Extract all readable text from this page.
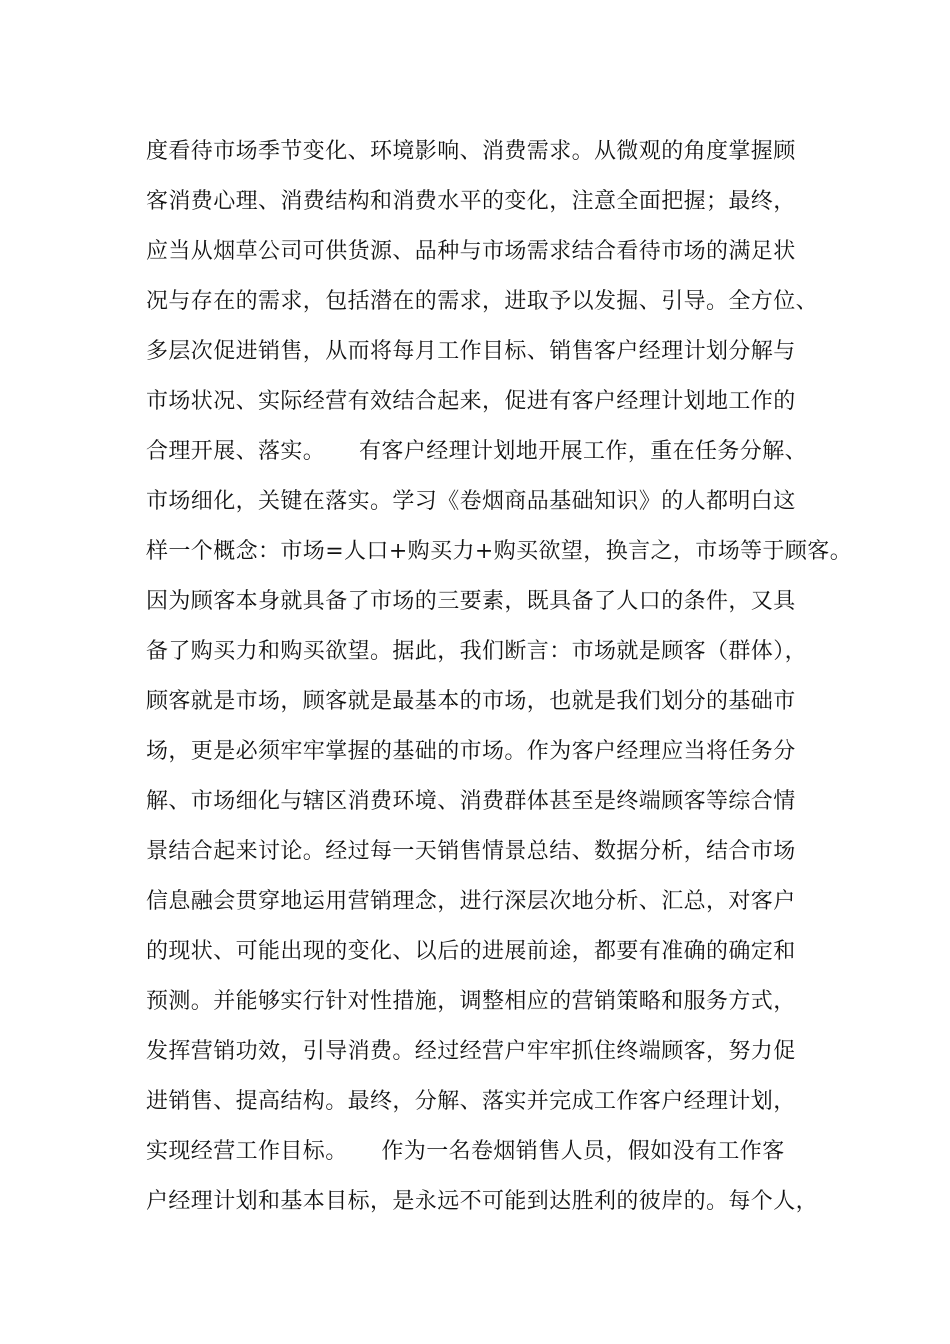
度看待市场季节变化、环境影响、消费需求。从微观的角度掌握顾
客消费心理、消费结构和消费水平的变化，注意全面把握；最终，
应当从烟草公司可供货源、品种与市场需求结合看待市场的满足状
况与存在的需求，包括潜在的需求，进取予以发掘、引导。全方位、
多层次促进销售，从而将每月工作目标、销售客户经理计划分解与
市场状况、实际经营有效结合起来，促进有客户经理计划地工作的
合理开展、落实。　　有客户经理计划地开展工作，重在任务分解、
市场细化，关键在落实。学习《卷烟商品基础知识》的人都明白这
样一个概念：市场=人口+购买力+购买欲望，换言之，市场等于顾客。
因为顾客本身就具备了市场的三要素，既具备了人口的条件，又具
备了购买力和购买欲望。据此，我们断言：市场就是顾客（群体），
顾客就是市场，顾客就是最基本的市场，也就是我们划分的基础市
场，更是必须牢牢掌握的基础的市场。作为客户经理应当将任务分
解、市场细化与辖区消费环境、消费群体甚至是终端顾客等综合情
景结合起来讨论。经过每一天销售情景总结、数据分析，结合市场
信息融会贯穿地运用营销理念，进行深层次地分析、汇总，对客户
的现状、可能出现的变化、以后的进展前途，都要有准确的确定和
预测。并能够实行针对性措施，调整相应的营销策略和服务方式，
发挥营销功效，引导消费。经过经营户牢牢抓住终端顾客，努力促
进销售、提高结构。最终，分解、落实并完成工作客户经理计划，
实现经营工作目标。　　作为一名卷烟销售人员，假如没有工作客
户经理计划和基本目标，是永远不可能到达胜利的彼岸的。每个人，
